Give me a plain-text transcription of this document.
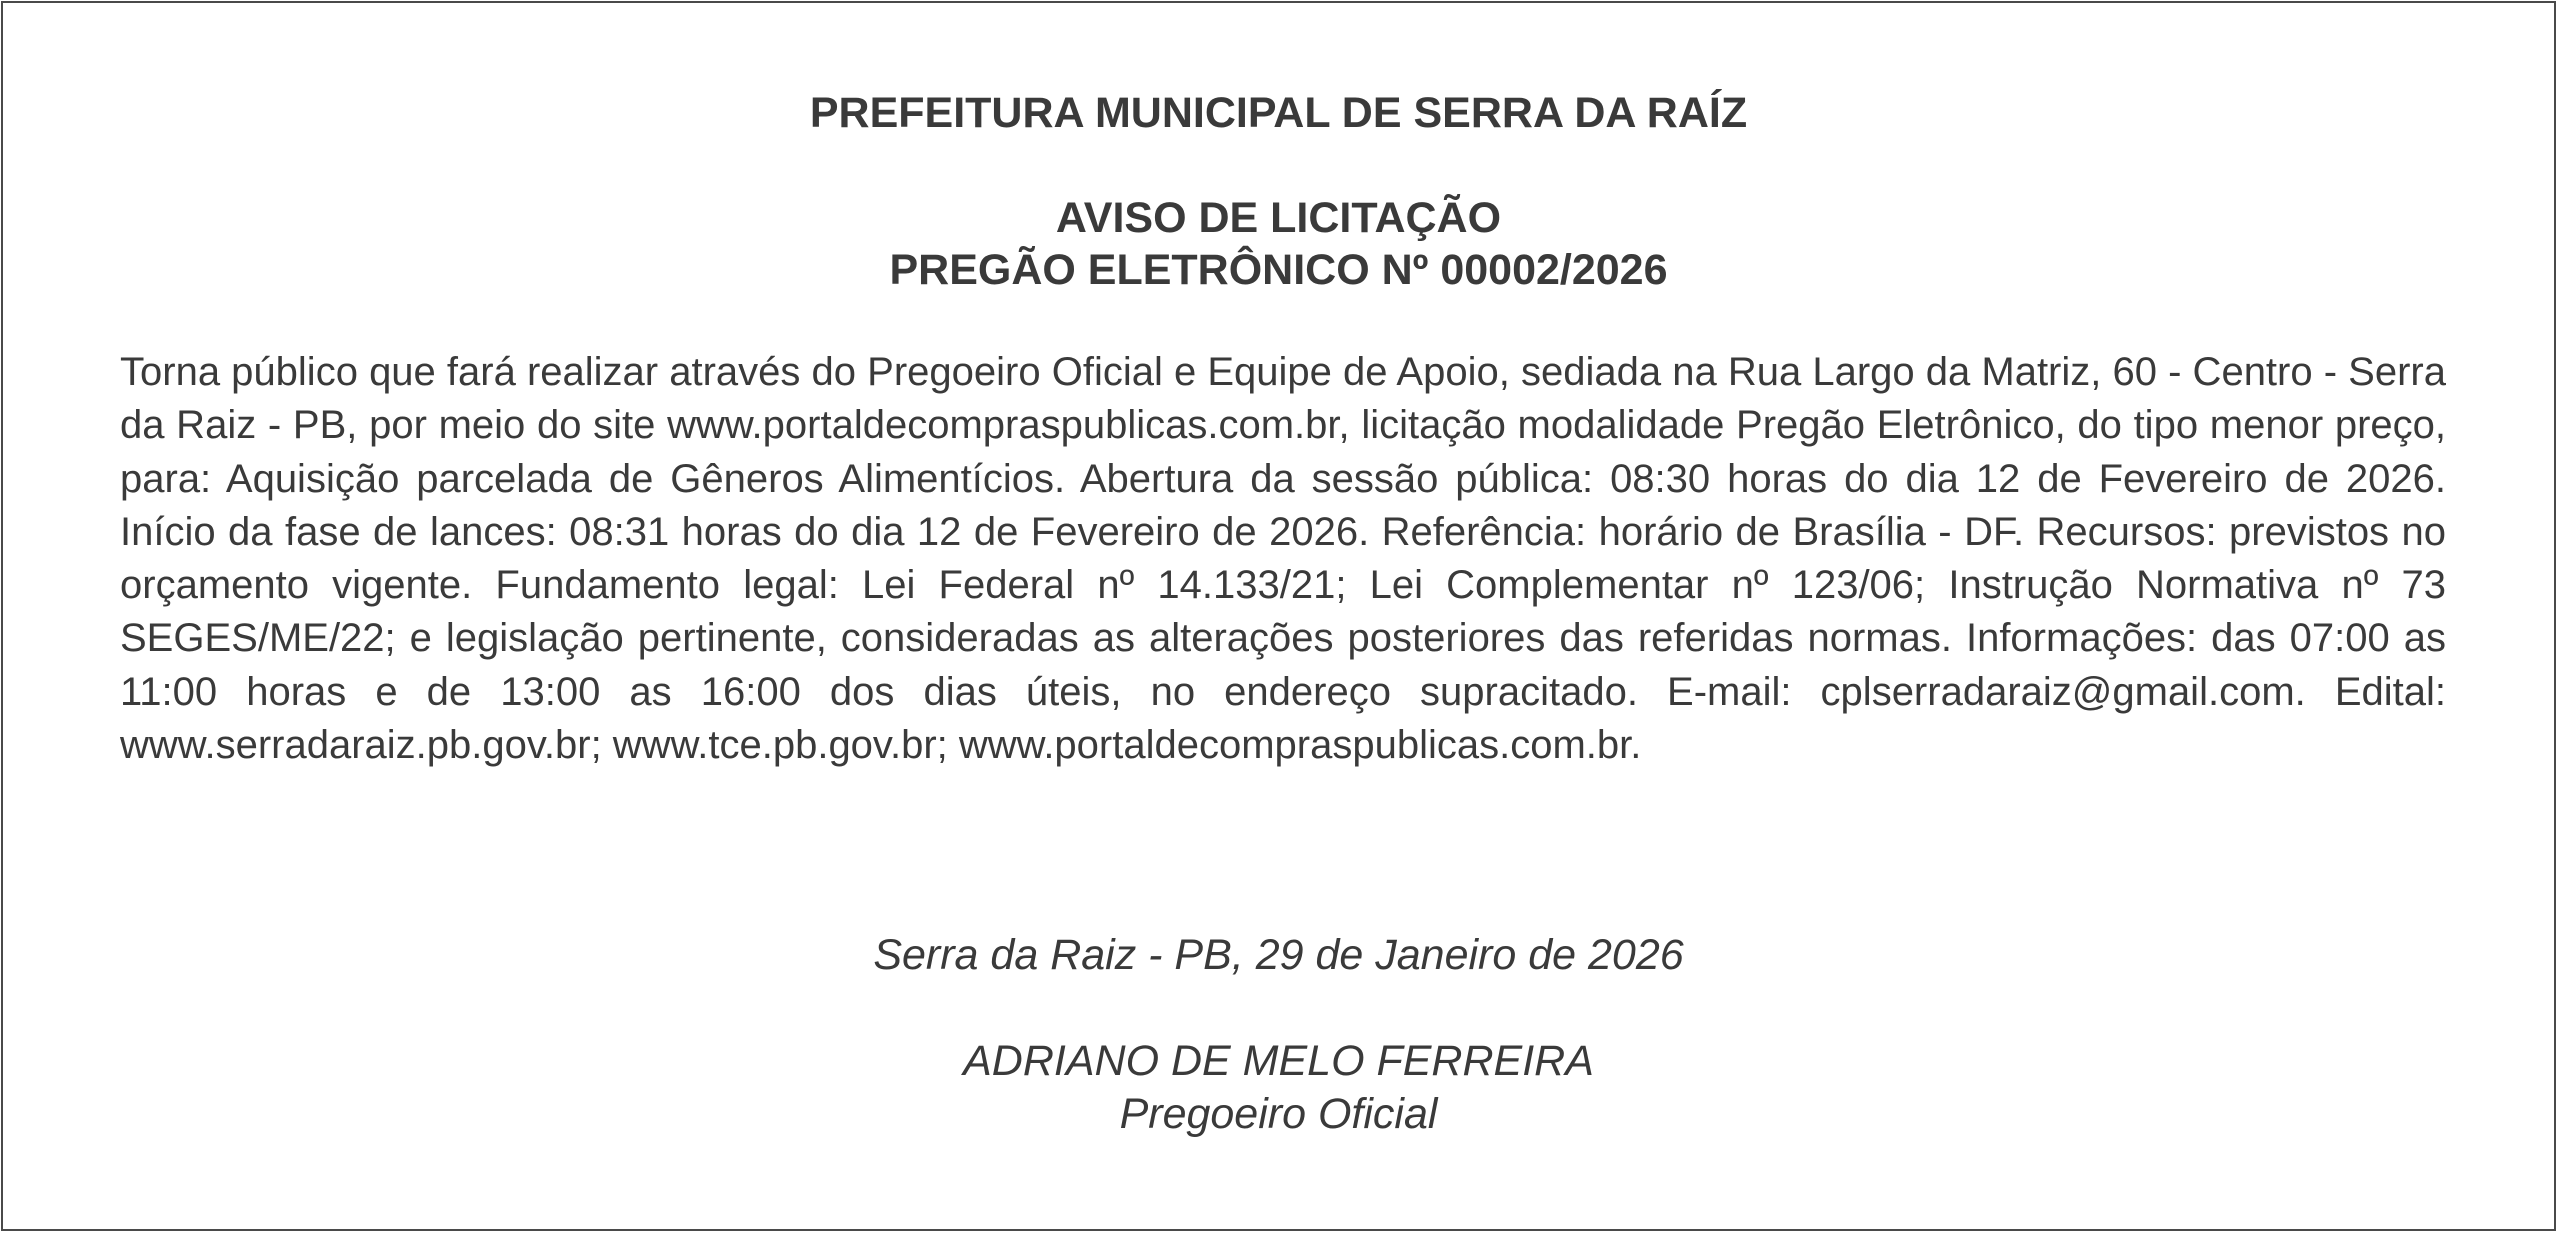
PREFEITURA MUNICIPAL DE SERRA DA RAÍZ
AVISO DE LICITAÇÃO
PREGÃO ELETRÔNICO Nº 00002/2026
Torna público que fará realizar através do Pregoeiro Oficial e Equipe de Apoio, sediada na Rua Largo da Matriz, 60 - Centro - Serra da Raiz - PB, por meio do site www.portaldecompraspublicas.com.br, licitação modalidade Pregão Eletrônico, do tipo menor preço, para: Aquisição parcelada de Gêneros Alimentícios. Abertura da sessão pública: 08:30 horas do dia 12 de Fevereiro de 2026. Início da fase de lances: 08:31 horas do dia 12 de Fevereiro de 2026. Referência: horário de Brasília - DF. Recursos: previstos no orçamento vigente. Fundamento legal: Lei Federal nº 14.133/21; Lei Complementar nº 123/06; Instrução Normativa nº 73 SEGES/ME/22; e legislação pertinente, consideradas as alterações posteriores das referidas normas. Informações: das 07:00 as 11:00 horas e de 13:00 as 16:00 dos dias úteis, no endereço supracitado. E-mail: cplserradaraiz@gmail.com. Edital: www.serradaraiz.pb.gov.br; www.tce.pb.gov.br; www.portaldecompraspublicas.com.br.
Serra da Raiz - PB, 29 de Janeiro de 2026
ADRIANO DE MELO FERREIRA
Pregoeiro Oficial
